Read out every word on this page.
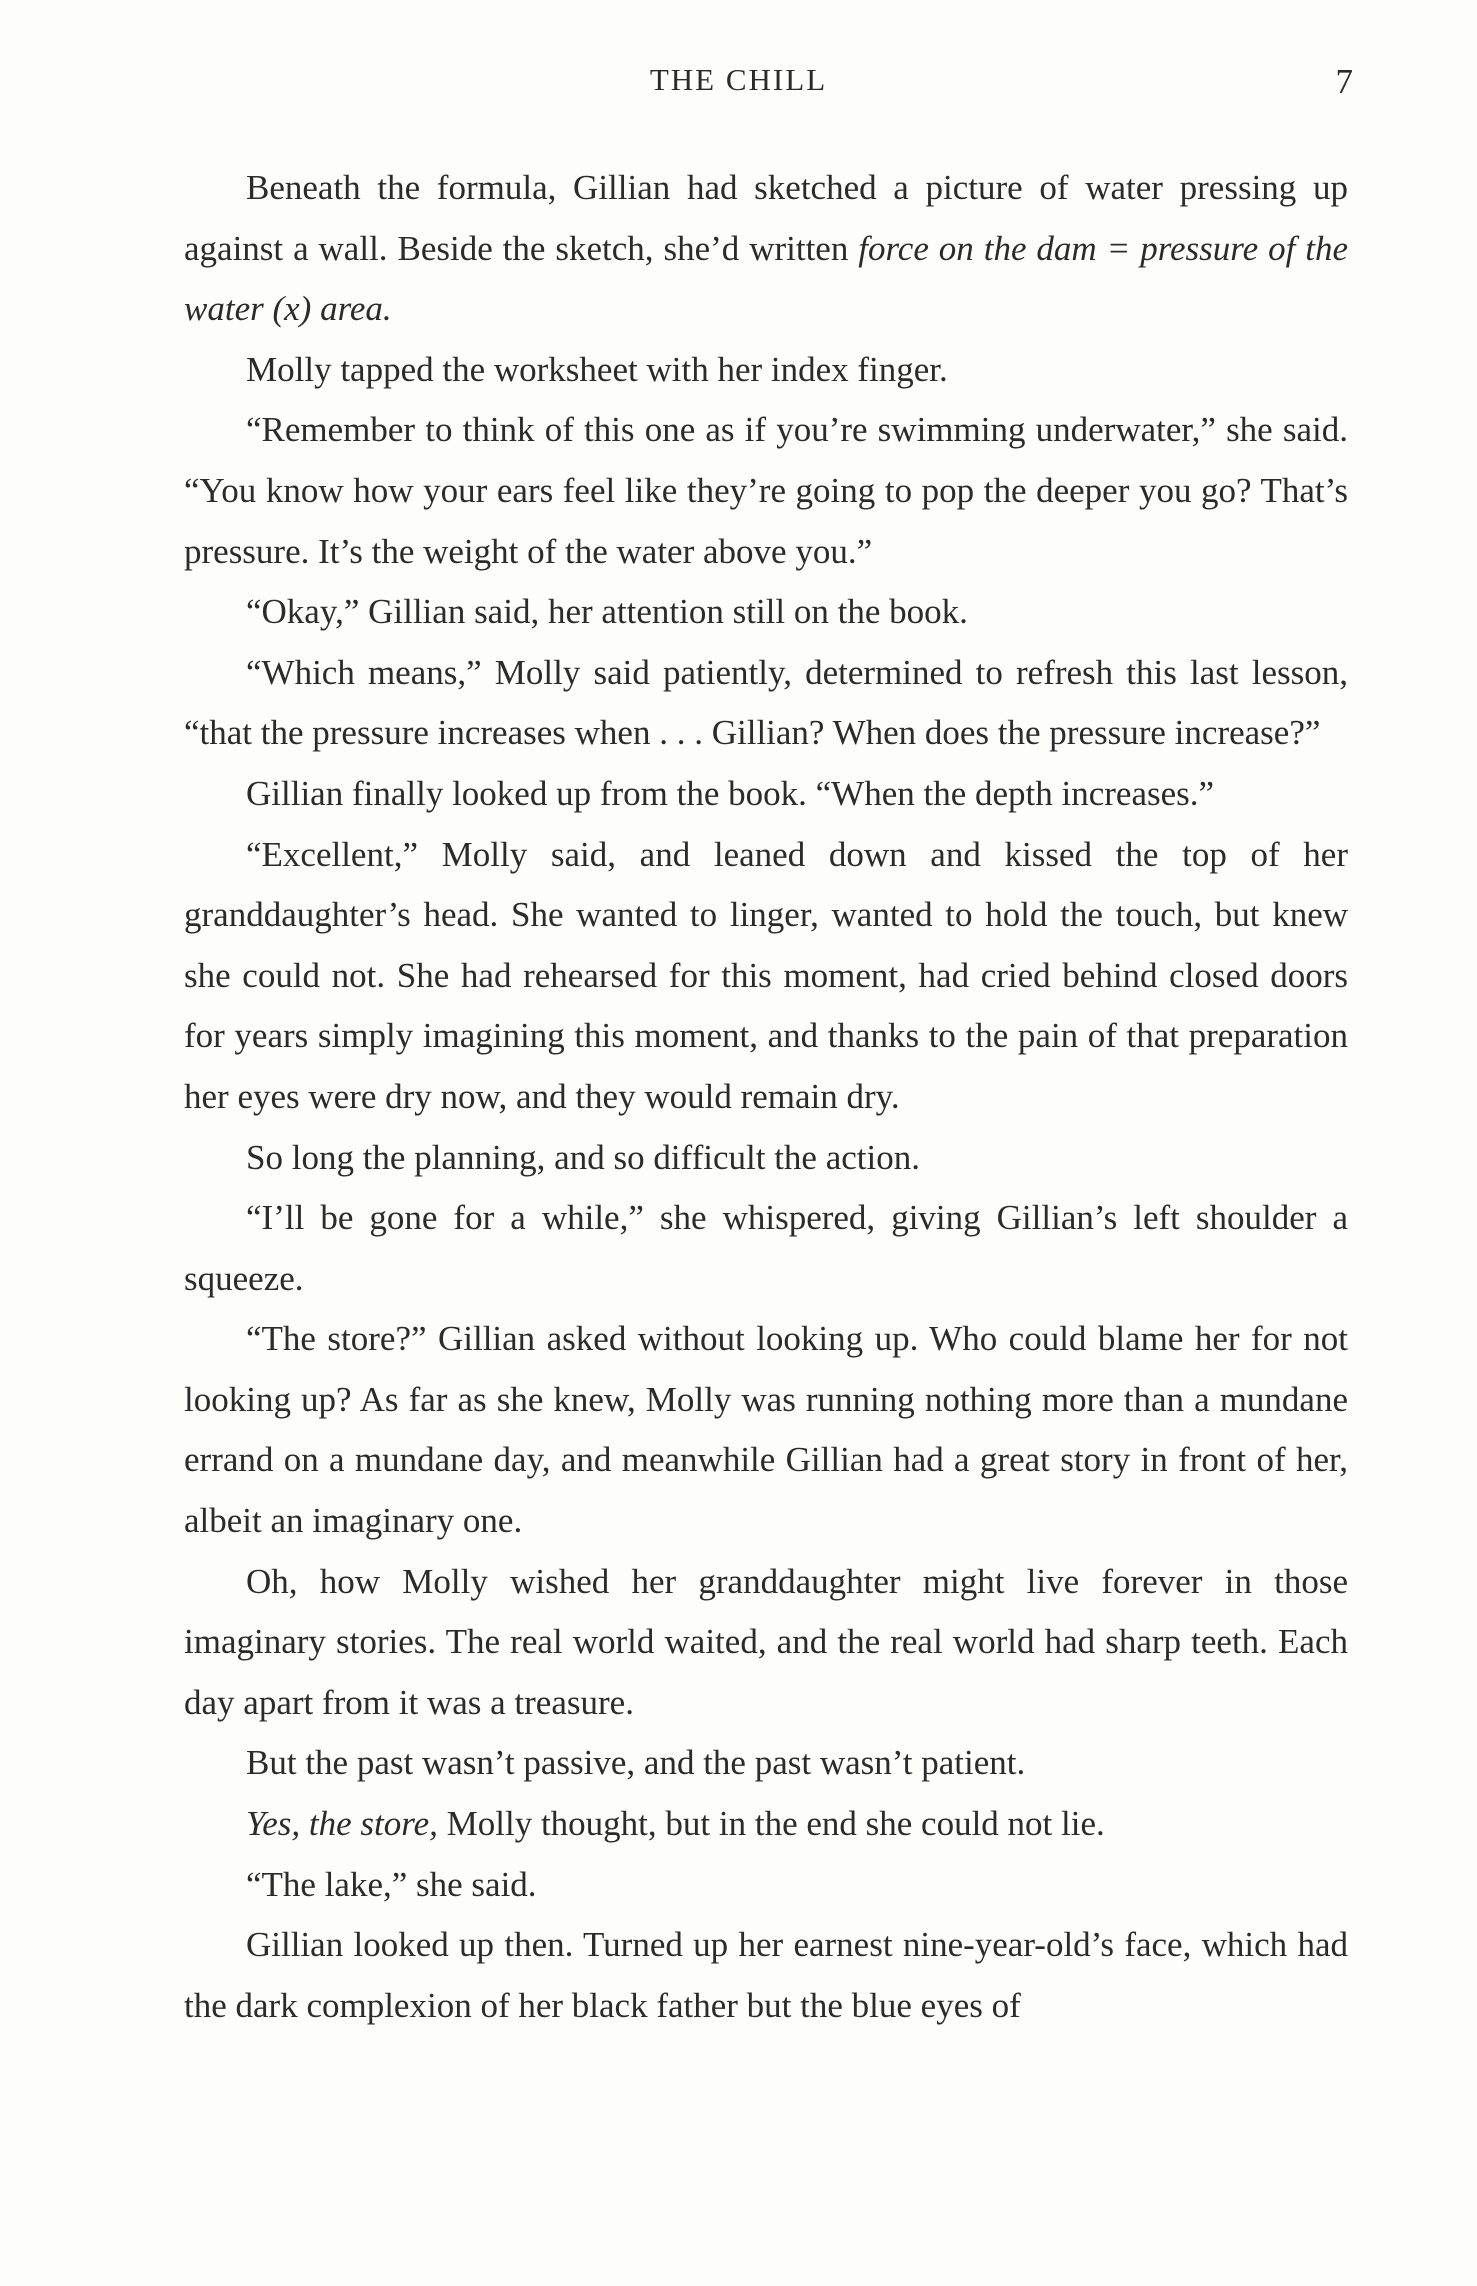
THE CHILL	7

Beneath the formula, Gillian had sketched a picture of water pressing up against a wall. Beside the sketch, she’d written force on the dam = pressure of the water (x) area.

Molly tapped the worksheet with her index finger.

“Remember to think of this one as if you’re swimming underwater,” she said. “You know how your ears feel like they’re going to pop the deeper you go? That’s pressure. It’s the weight of the water above you.”

“Okay,” Gillian said, her attention still on the book.

“Which means,” Molly said patiently, determined to refresh this last lesson, “that the pressure increases when . . . Gillian? When does the pressure increase?”

Gillian finally looked up from the book. “When the depth increases.”

“Excellent,” Molly said, and leaned down and kissed the top of her granddaughter’s head. She wanted to linger, wanted to hold the touch, but knew she could not. She had rehearsed for this moment, had cried behind closed doors for years simply imagining this moment, and thanks to the pain of that preparation her eyes were dry now, and they would remain dry.

So long the planning, and so difficult the action.

“I’ll be gone for a while,” she whispered, giving Gillian’s left shoulder a squeeze.

“The store?” Gillian asked without looking up. Who could blame her for not looking up? As far as she knew, Molly was running nothing more than a mundane errand on a mundane day, and meanwhile Gillian had a great story in front of her, albeit an imaginary one.

Oh, how Molly wished her granddaughter might live forever in those imaginary stories. The real world waited, and the real world had sharp teeth. Each day apart from it was a treasure.

But the past wasn’t passive, and the past wasn’t patient.

Yes, the store, Molly thought, but in the end she could not lie.

“The lake,” she said.

Gillian looked up then. Turned up her earnest nine-year-old’s face, which had the dark complexion of her black father but the blue eyes of
